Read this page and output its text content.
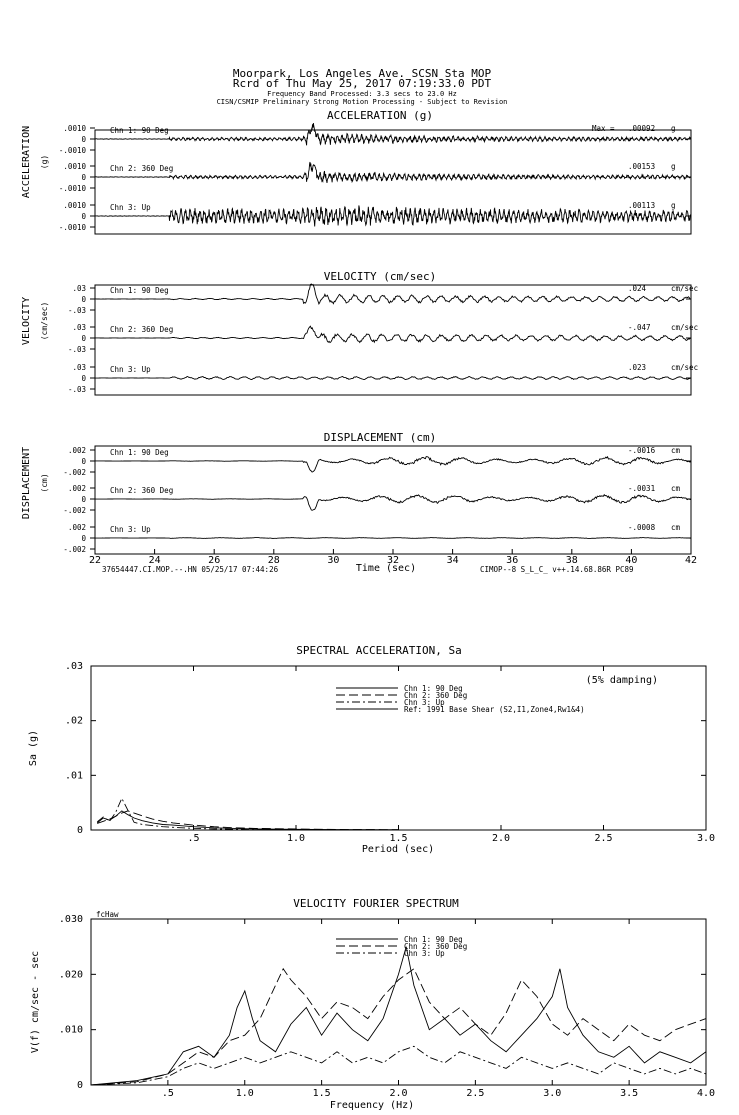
Moorpark, Los Angeles Ave. SCSN Sta MOP
Rcrd of Thu May 25, 2017 07:19:33.0 PDT
Frequency Band Processed: 3.3 secs to 23.0 Hz
CISN/CSMIP Preliminary Strong Motion Processing - Subject to Revision
ACCELERATION (g)
VELOCITY (cm/sec)
DISPLACEMENT (cm)
ACCELERATION (g)
VELOCITY (cm/sec)
DISPLACEMENT (cm)
.0010
0
-.0010
Chn 1: 90 Deg	Max = .00092 g
.0010
0
-.0010
Chn 2: 360 Deg	.00153 g
.0010
0
-.0010
Chn 3: Up	.00113 g
.03
0
-.03
Chn 1: 90 Deg	.024	cm/sec
.03
0
-.03
Chn 2: 360 Deg	-.047	cm/sec
.03
0
-.03
Chn 3: Up	.023	cm/sec
.002
0
-.002
Chn 1: 90 Deg	-.0016 cm
.002
0
-.002
Chn 2: 360 Deg	-.0031 cm
.002
0
-.002
Chn 3: Up	-.0008 cm
22	24	26	28	30	32	34	36	38	40	42
Time (sec)
37654447.CI.MOP.--.HN 05/25/17 07:44:26	CIMOP--8 S_L_C_ v++.14.68.86R PC89
SPECTRAL ACCELERATION, Sa
.5	1.0	1.5	2.0	2.5	3.0
0
.01
.02
.03
Chn 1: 90 Deg
Chn 2: 360 Deg
Chn 3: Up
Ref: 1991 Base Shear (S2,I1,Zone4,Rw1&4)
(5% damping)
Period (sec)
Sa (g)
VELOCITY FOURIER SPECTRUM
.5	1.0	1.5	2.0	2.5	3.0	3.5	4.0
0
.010
.020
.030
Chn 1: 90 Deg
Chn 2: 360 Deg
Chn 3: Up
fcHaw
Frequency (Hz)
V(f) cm/sec - sec
